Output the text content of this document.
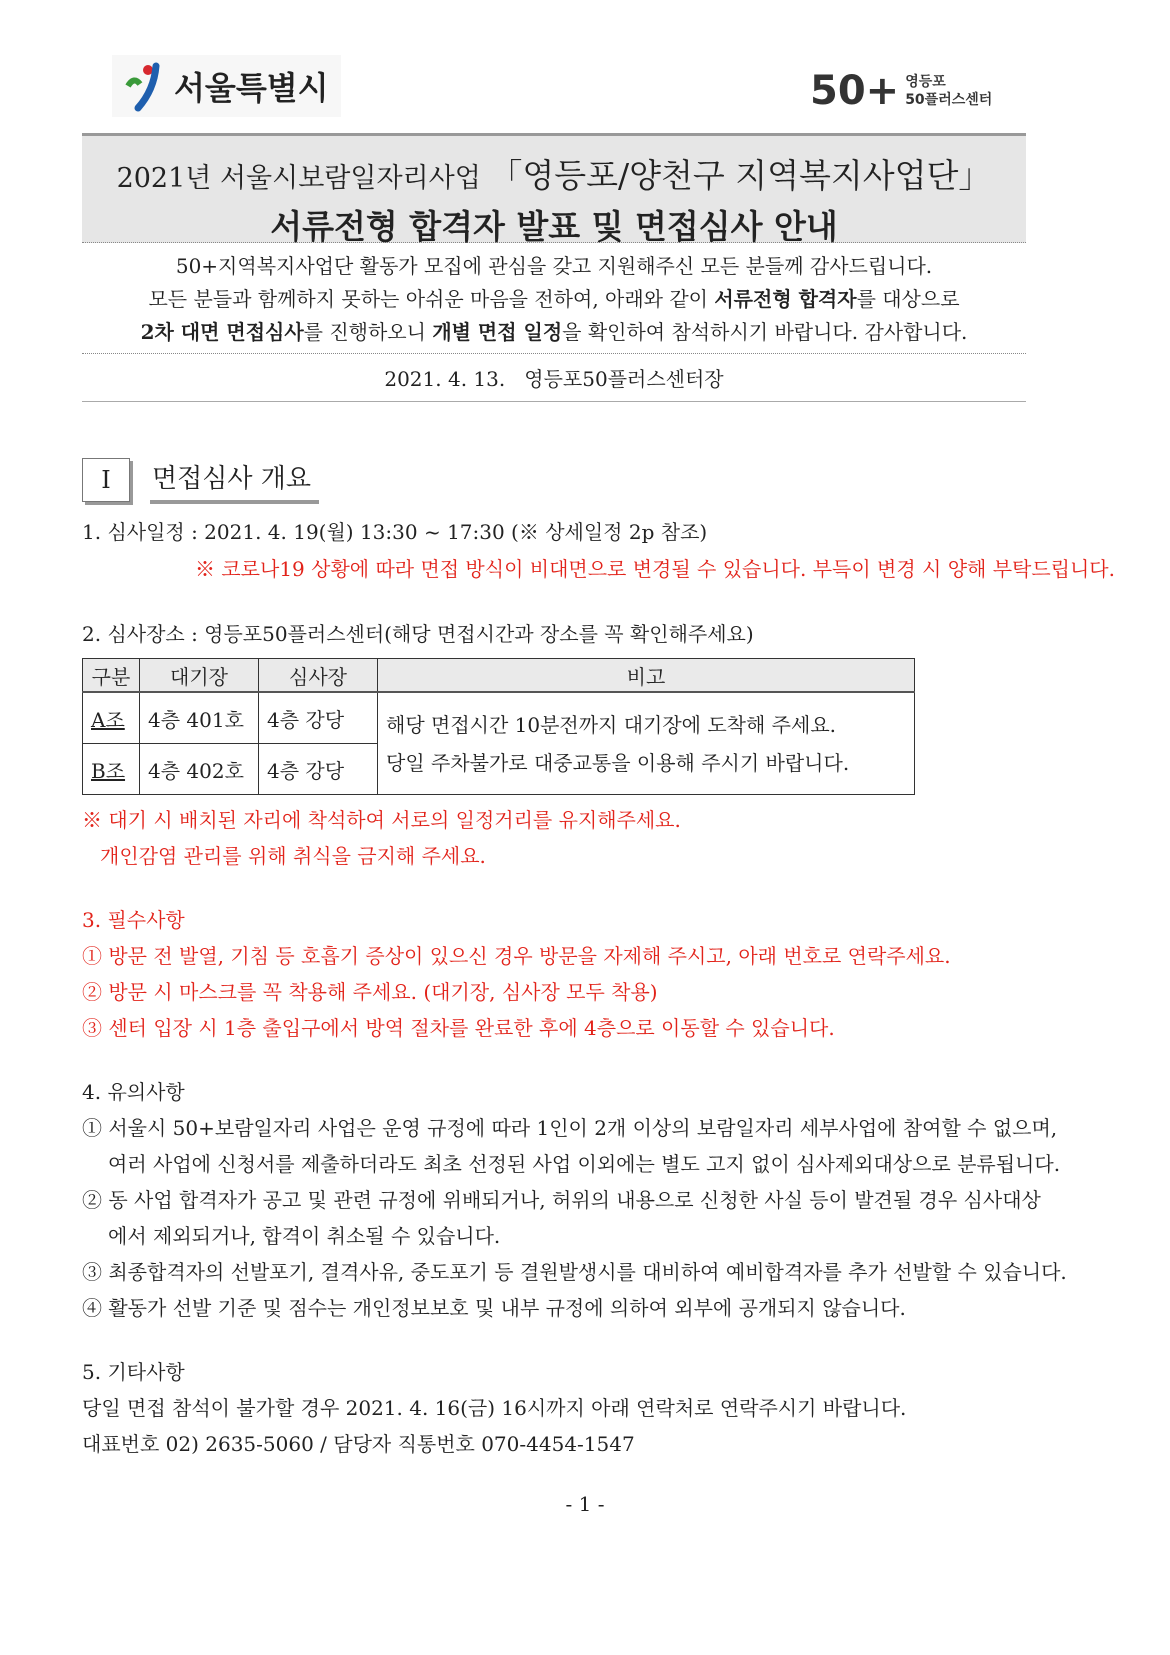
서울특별시	50+ 영등포
50플러스센터
2021년 서울시보람일자리사업 「영등포/양천구 지역복지사업단」
서류전형 합격자 발표 및 면접심사 안내
50+지역복지사업단 활동가 모집에 관심을 갖고 지원해주신 모든 분들께 감사드립니다.
모든 분들과 함께하지 못하는 아쉬운 마음을 전하여, 아래와 같이 서류전형 합격자를 대상으로
2차 대면 면접심사를 진행하오니 개별 면접 일정을 확인하여 참석하시기 바랍니다. 감사합니다.
2021. 4. 13.   영등포50플러스센터장
I	면접심사 개요
1. 심사일정 : 2021. 4. 19(월) 13:30 ~ 17:30 (※ 상세일정 2p 참조)
※ 코로나19 상황에 따라 면접 방식이 비대면으로 변경될 수 있습니다. 부득이 변경 시 양해 부탁드립니다.
2. 심사장소 : 영등포50플러스센터(해당 면접시간과 장소를 꼭 확인해주세요)
구분	대기장	심사장	비고
A조	4층 401호	4층 강당	해당 면접시간 10분전까지 대기장에 도착해 주세요.
당일 주차불가로 대중교통을 이용해 주시기 바랍니다.

B조	4층 402호	4층 강당	
※ 대기 시 배치된 자리에 착석하여 서로의 일정거리를 유지해주세요.
개인감염 관리를 위해 취식을 금지해 주세요.
3. 필수사항
① 방문 전 발열, 기침 등 호흡기 증상이 있으신 경우 방문을 자제해 주시고, 아래 번호로 연락주세요.
② 방문 시 마스크를 꼭 착용해 주세요. (대기장, 심사장 모두 착용)
③ 센터 입장 시 1층 출입구에서 방역 절차를 완료한 후에 4층으로 이동할 수 있습니다.
4. 유의사항
① 서울시 50+보람일자리 사업은 운영 규정에 따라 1인이 2개 이상의 보람일자리 세부사업에 참여할 수 없으며,
여러 사업에 신청서를 제출하더라도 최초 선정된 사업 이외에는 별도 고지 없이 심사제외대상으로 분류됩니다.
② 동 사업 합격자가 공고 및 관련 규정에 위배되거나, 허위의 내용으로 신청한 사실 등이 발견될 경우 심사대상
에서 제외되거나, 합격이 취소될 수 있습니다.
③ 최종합격자의 선발포기, 결격사유, 중도포기 등 결원발생시를 대비하여 예비합격자를 추가 선발할 수 있습니다.
④ 활동가 선발 기준 및 점수는 개인정보보호 및 내부 규정에 의하여 외부에 공개되지 않습니다.
5. 기타사항
당일 면접 참석이 불가할 경우 2021. 4. 16(금) 16시까지 아래 연락처로 연락주시기 바랍니다.
대표번호 02) 2635-5060 / 담당자 직통번호 070-4454-1547
- 1 -
